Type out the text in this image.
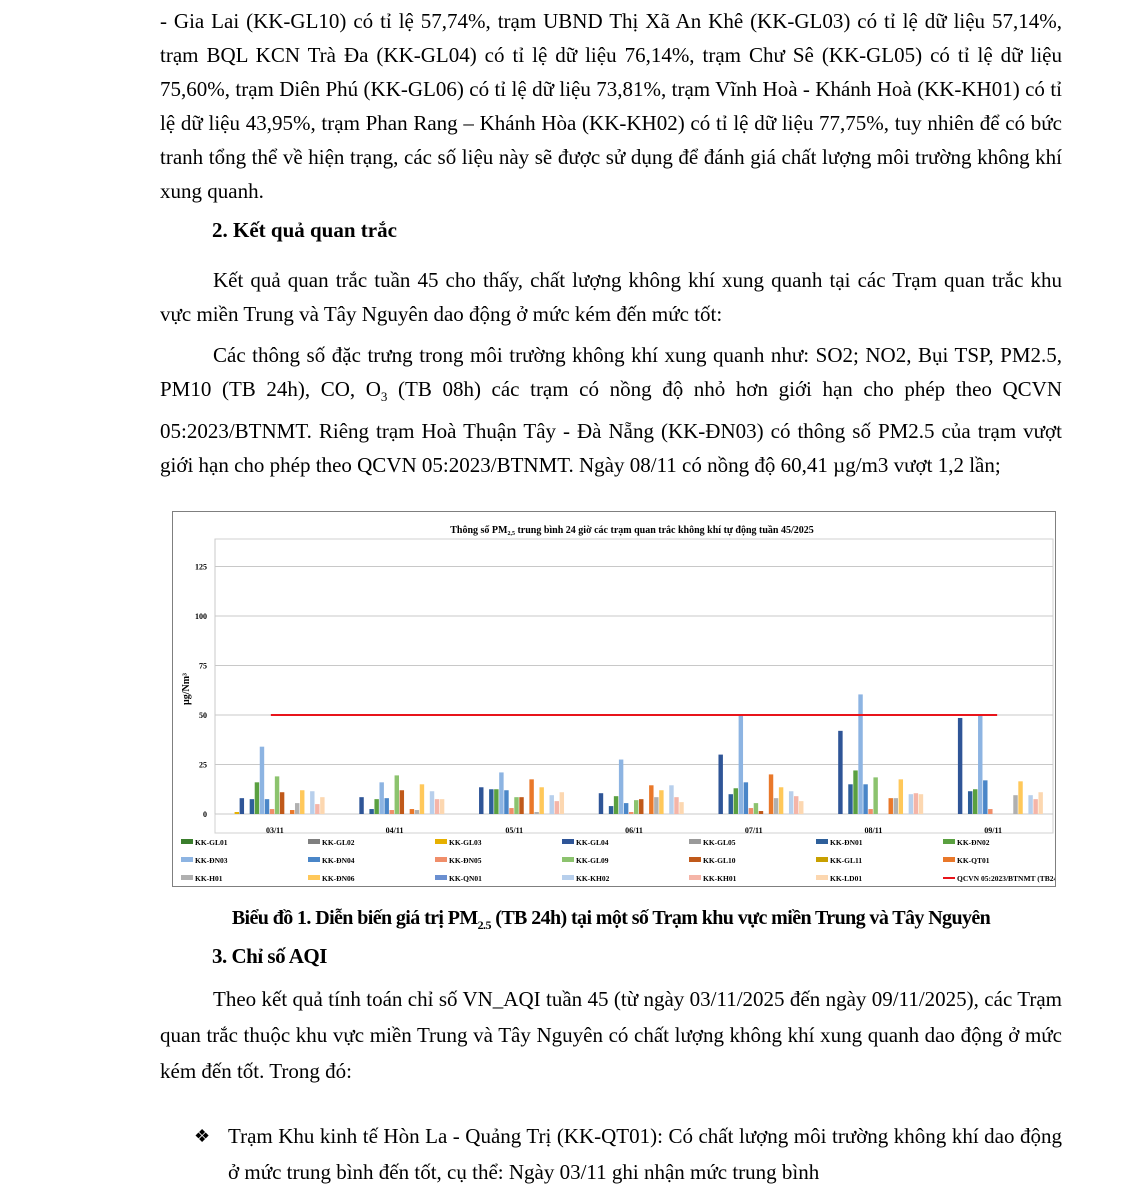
- Gia Lai (KK-GL10) có tỉ lệ 57,74%, trạm UBND Thị Xã An Khê (KK-GL03) có tỉ lệ dữ liệu 57,14%, trạm BQL KCN Trà Đa (KK-GL04) có tỉ lệ dữ liệu 76,14%, trạm Chư Sê (KK-GL05) có tỉ lệ dữ liệu 75,60%, trạm Diên Phú (KK-GL06) có tỉ lệ dữ liệu 73,81%, trạm Vĩnh Hoà - Khánh Hoà (KK-KH01) có tỉ lệ dữ liệu 43,95%, trạm Phan Rang – Khánh Hòa (KK-KH02) có tỉ lệ dữ liệu 77,75%, tuy nhiên để có bức tranh tổng thể về hiện trạng, các số liệu này sẽ được sử dụng để đánh giá chất lượng môi trường không khí xung quanh.

2. Kết quả quan trắc

Kết quả quan trắc tuần 45 cho thấy, chất lượng không khí xung quanh tại các Trạm quan trắc khu vực miền Trung và Tây Nguyên dao động ở mức kém đến mức tốt:

Các thông số đặc trưng trong môi trường không khí xung quanh như: SO2; NO2, Bụi TSP, PM2.5, PM10 (TB 24h), CO, $O_3$ (TB 08h) các trạm có nồng độ nhỏ hơn giới hạn cho phép theo QCVN 05:2023/BTNMT. Riêng trạm Hoà Thuận Tây - Đà Nẵng (KK-ĐN03) có thông số PM2.5 của trạm vượt giới hạn cho phép theo QCVN 05:2023/BTNMT. Ngày 08/11 có nồng độ 60,41 µg/m3 vượt 1,2 lần;

Thông số $PM_{2,5}$ trung bình 24 giờ các trạm quan trắc không khí tự động tuần 45/2025
µg/Nm³
0
25
50
75
100
125
03/11	04/11	05/11	06/11	07/11	08/11	09/11
KK-GL01	KK-GL02	KK-GL03	KK-GL04	KK-GL05	KK-ĐN01	KK-ĐN02
KK-ĐN03	KK-ĐN04	KK-ĐN05	KK-GL09	KK-GL10	KK-GL11	KK-QT01
KK-H01	KK-ĐN06	KK-QN01	KK-KH02	KK-KH01	KK-LD01	QCVN 05:2023/BTNMT (TB24h)

Biểu đồ 1. Diễn biến giá trị $PM_{2.5}$ (TB 24h) tại một số Trạm khu vực miền Trung và Tây Nguyên

3. Chỉ số AQI

Theo kết quả tính toán chỉ số VN_AQI tuần 45 (từ ngày 03/11/2025 đến ngày 09/11/2025), các Trạm quan trắc thuộc khu vực miền Trung và Tây Nguyên có chất lượng không khí xung quanh dao động ở mức kém đến tốt. Trong đó:

❖ Trạm Khu kinh tế Hòn La - Quảng Trị (KK-QT01): Có chất lượng môi trường không khí dao động ở mức trung bình đến tốt, cụ thể: Ngày 03/11 ghi nhận mức trung bình
